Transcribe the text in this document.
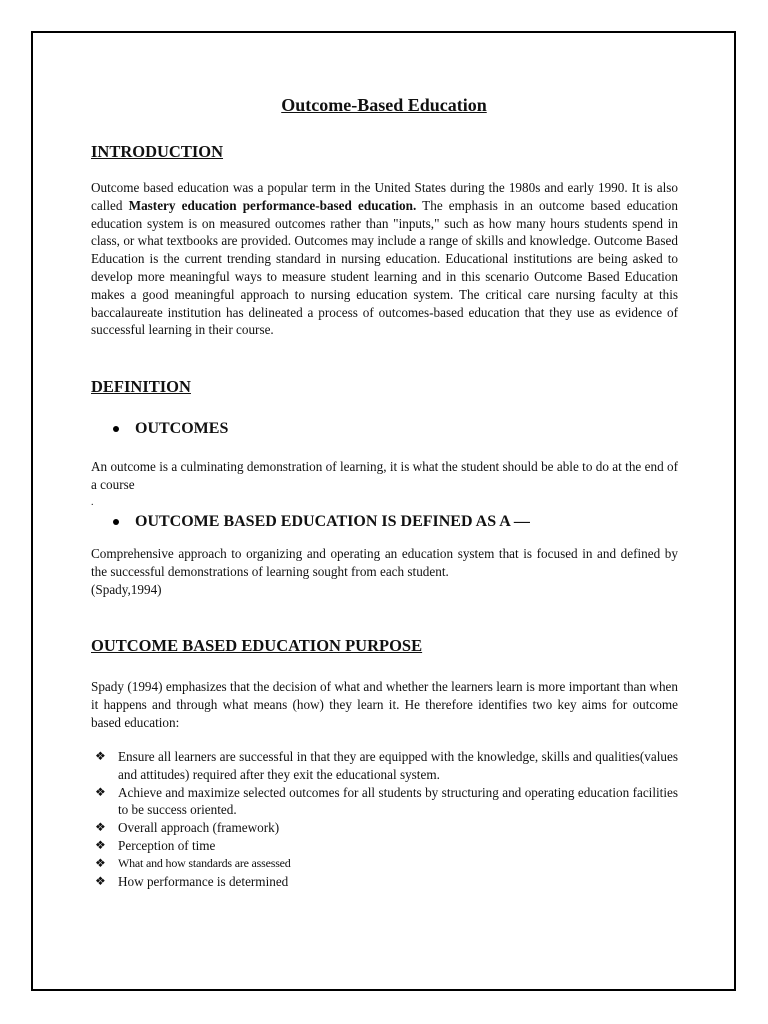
Outcome-Based Education
INTRODUCTION

Outcome based education was a popular term in the United States during the 1980s and early 1990. It is also called Mastery education performance-based education. The emphasis in an outcome based education education system is on measured outcomes rather than "inputs," such as how many hours students spend in class, or what textbooks are provided. Outcomes may include a range of skills and knowledge. Outcome Based Education is the current trending standard in nursing education. Educational institutions are being asked to develop more meaningful ways to measure student learning and in this scenario Outcome Based Education makes a good meaningful approach to nursing education system. The critical care nursing faculty at this baccalaureate institution has delineated a process of outcomes-based education that they use as evidence of successful learning in their course.

DEFINITION
OUTCOMES

An outcome is a culminating demonstration of learning, it is what the student should be able to do at the end of a course

.
OUTCOME BASED EDUCATION IS DEFINED AS A —

Comprehensive approach to organizing and operating an education system that is focused in and defined by the successful demonstrations of learning sought from each student.
(Spady,1994)

OUTCOME BASED EDUCATION PURPOSE

Spady (1994) emphasizes that the decision of what and whether the learners learn is more important than when it happens and through what means (how) they learn it. He therefore identifies two key aims for outcome based education:

❖ Ensure all learners are successful in that they are equipped with the knowledge, skills and qualities(values and attitudes) required after they exit the educational system.
❖ Achieve and maximize selected outcomes for all students by structuring and operating education facilities to be success oriented.
❖ Overall approach (framework)
❖ Perception of time
❖ What and how standards are assessed
❖ How performance is determined
